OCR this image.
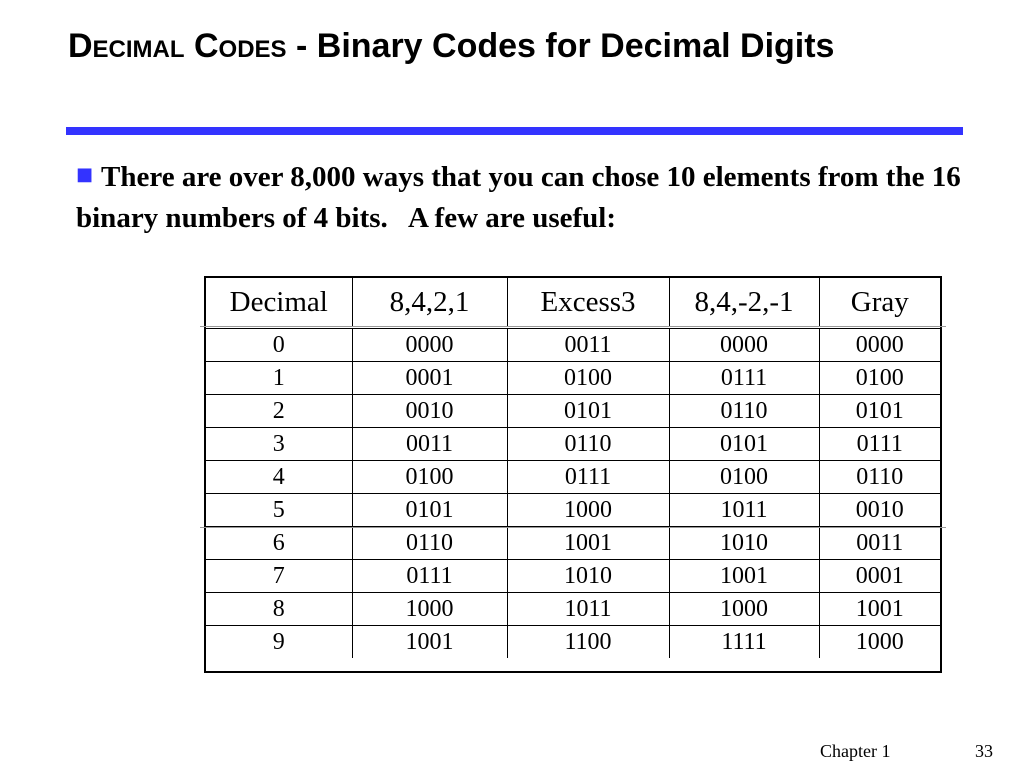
Decimal Codes - Binary Codes for Decimal Digits

■ There are over 8,000 ways that you can chose 10 elements from the 16 binary numbers of 4 bits.   A few are useful:

Decimal	8,4,2,1	Excess3	8,4,-2,-1	Gray
0	0000	0011	0000	0000
1	0001	0100	0111	0100
2	0010	0101	0110	0101
3	0011	0110	0101	0111
4	0100	0111	0100	0110
5	0101	1000	1011	0010
6	0110	1001	1010	0011
7	0111	1010	1001	0001
8	1000	1011	1000	1001
9	1001	1100	1111	1000
Chapter 1	33
